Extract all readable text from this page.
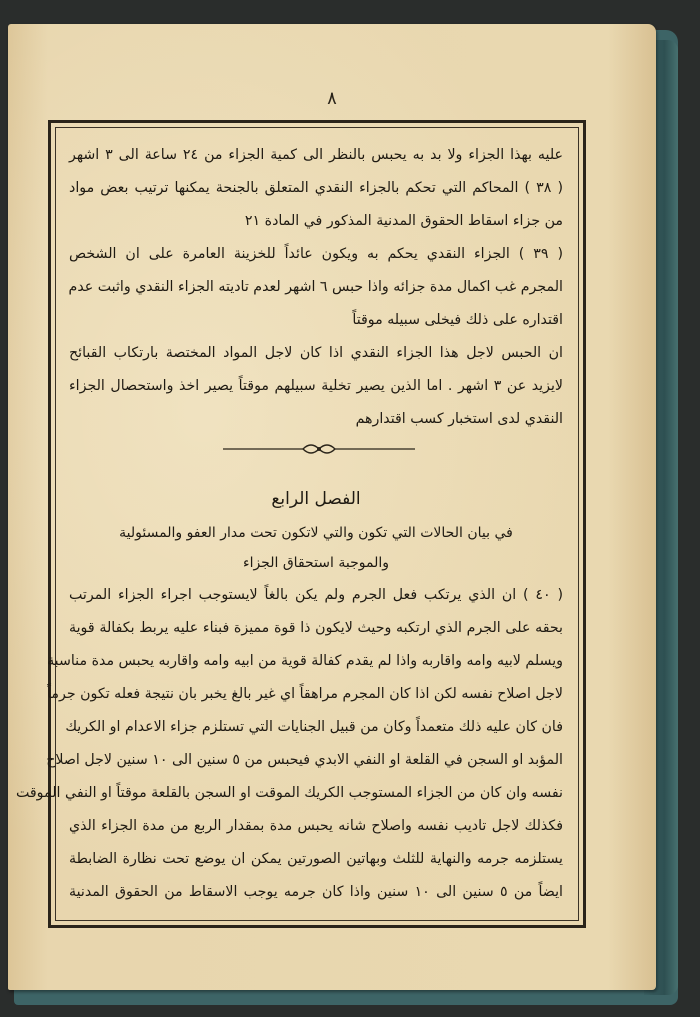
٨
عليه بهذا الجزاء ولا بد به يحبس بالنظر الى كمية الجزاء من ٢٤ ساعة الى ٣ اشهر
( ٣٨ ) المحاكم التي تحكم بالجزاء النقدي المتعلق بالجنحة يمكنها ترتيب بعض مواد
من جزاء اسقاط الحقوق المدنية المذكور في المادة ٢١
( ٣٩ ) الجزاء النقدي يحكم به ويكون عائداً للخزينة العامرة على ان الشخص
المجرم غب اكمال مدة جزائه واذا حبس ٦ اشهر لعدم تاديته الجزاء النقدي واثبت عدم
اقتداره على ذلك فيخلى سبيله موقتاً
ان الحبس لاجل هذا الجزاء النقدي اذا كان لاجل المواد المختصة بارتكاب القبائح
لايزيد عن ٣ اشهر . اما الذين يصير تخلية سبيلهم موقتاً يصير اخذ واستحصال الجزاء
النقدي لدى استخبار كسب اقتدارهم
الفصل الرابع
في بيان الحالات التي تكون والتي لاتكون تحت مدار العفو والمسئولية
والموجبة استحقاق الجزاء
( ٤٠ ) ان الذي يرتكب فعل الجرم ولم يكن بالغاً لايستوجب اجراء الجزاء المرتب
بحقه على الجرم الذي ارتكبه وحيث لايكون ذا قوة مميزة فبناء عليه يربط بكفالة قوية
ويسلم لابيه وامه واقاربه واذا لم يقدم كفالة قوية من ابيه وامه واقاربه يحبس مدة مناسبة
لاجل اصلاح نفسه لكن اذا كان المجرم مراهقاً اي غير بالغ يخبر بان نتيجة فعله تكون جرماً
فان كان عليه ذلك متعمداً وكان من قبيل الجنايات التي تستلزم جزاء الاعدام او الكريك
المؤبد او السجن في القلعة او النفي الابدي فيحبس من ٥ سنين الى ١٠ سنين لاجل اصلاح
نفسه وان كان من الجزاء المستوجب الكريك الموقت او السجن بالقلعة موقتاً او النفي الموقت
فكذلك لاجل تاديب نفسه واصلاح شانه يحبس مدة بمقدار الربع من مدة الجزاء الذي
يستلزمه جرمه والنهاية للثلث وبهاتين الصورتين يمكن ان يوضع تحت نظارة الضابطة
ايضاً من ٥ سنين الى ١٠ سنين واذا كان جرمه يوجب الاسقاط من الحقوق المدنية
